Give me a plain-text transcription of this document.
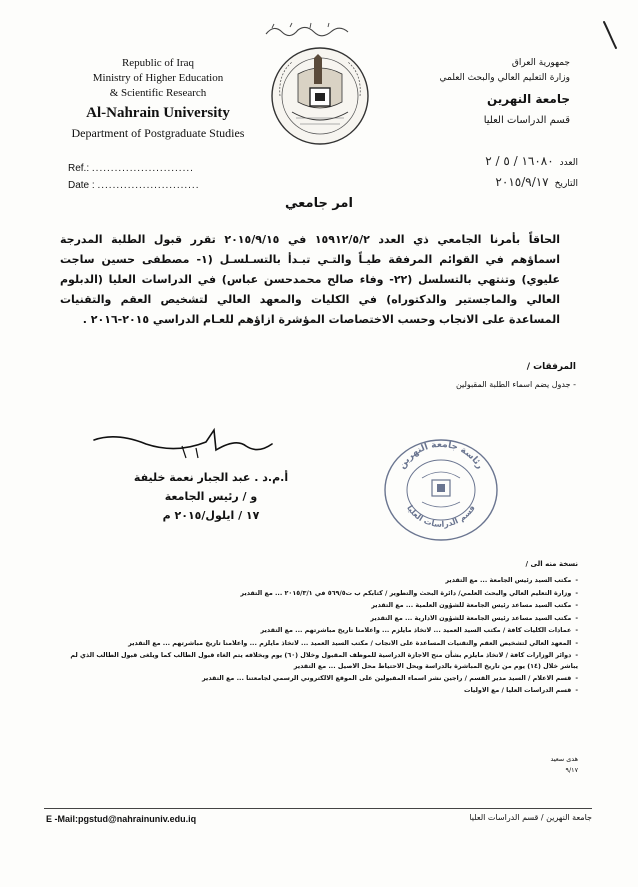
Republic of Iraq
Ministry of Higher Education
& Scientific Research
Al-Nahrain University
Department of Postgraduate Studies
جمهورية العراق
وزارة التعليم العالي والبحث العلمي
جامعة النهرين
قسم الدراسات العليا
Ref.: ...........................
Date : ...........................
العدد١٦٠٨٠ / ٥ / ٢
التاريخ٢٠١٥/٩/١٧
امر جامعي

الحاقاً بأمرنا الجامعي ذي العدد ١٥٩١٢/٥/٢ في ٢٠١٥/٩/١٥ تقرر قبول الطلبة المدرجة اسماؤهم في القوائم المرفقة طيـاً والتـي تبـدأ بالتسـلسـل (١- مصطفى حسين ساجت عليوي) وتنتهي بالتسلسل (٢٢- وفاء صالح محمدحسن عباس) في الدراسات العليا (الدبلوم العالي والماجستير والدكتوراه) في الكليات والمعهد العالي لتشخيص العقم والتقنيات المساعدة على الانجاب وحسب الاختصاصات المؤشرة ازاؤهم للعـام الدراسي ٢٠١٥-٢٠١٦ .

المرفقات /
- جدول يضم اسماء الطلبة المقبولين
أ.م.د . عبد الجبار نعمة خليفة
و / رئيس الجامعة
١٧ / ايلول/٢٠١٥ م
رئاسة جامعة النهرين
قسم الدراسات العليا
نسخة منه الى /
- مكتب السيد رئيس الجامعة ... مع التقدير
- وزارة التعليم العالي والبحث العلمي/ دائرة البحث والتطوير / كتابكم ب ت٥٦٩/٥ في ٢٠١٥/٣/١ ... مع التقدير
- مكتب السيد مساعد رئيس الجامعة للشؤون العلمية ... مع التقدير
- مكتب السيد مساعد رئيس الجامعة للشؤون الادارية ... مع التقدير
- عمادات الكليات كافة / مكتب السيد العميد ... لاتخاذ مايلزم ... واعلامنا تاريخ مباشرتهم ... مع التقدير
- المعهد العالي لتشخيص العقم والتقنيات المساعدة على الانجاب / مكتب السيد العميد ... لاتخاذ مايلزم ... واعلامنا تاريخ مباشرتهم ... مع التقدير
- دوائر الوزارات كافة / لاتخاذ مايلزم بشأن منح الاجازة الدراسية للموظف المقبول وخلال (٦٠) يوم وبخلافه يتم الغاء قبول الطالب كما ويلغى قبول الطالب الذي لم يباشر خلال (١٤) يوم من تاريخ المباشرة بالدراسة ويحل الاحتياط محل الاصيل ... مع التقدير
- قسم الاعلام / السيد مدير القسم / راجين نشر اسماء المقبولين على الموقع الالكتروني الرسمي لجامعتنا ... مع التقدير
- قسم الدراسات العليا / مع الاوليات
هدى سعيد
٩/١٧
E -Mail:pgstud@nahrainuniv.edu.iq	جامعة النهرين / قسم الدراسات العليا
